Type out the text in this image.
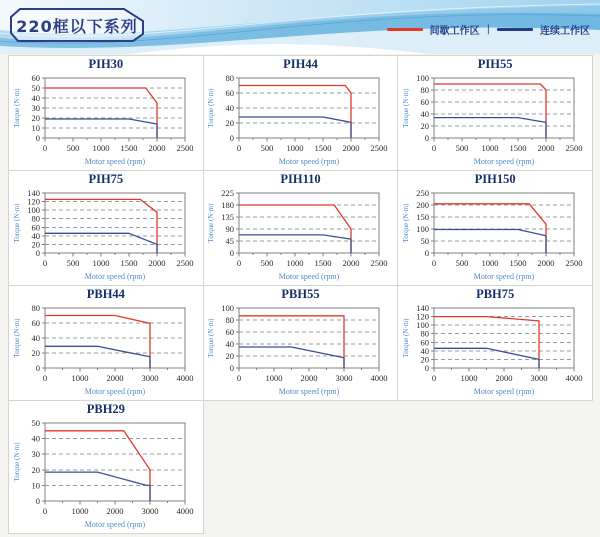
220框以下系列	间歇工作区 |	连续工作区
PIH30
0
10
20
30
40
50
60
0 500 1000 1500 2000 2500
Motor speed (rpm)
Torque (N·m)
PIH44
0
20
40
60
80
0 500 1000 1500 2000 2500
Motor speed (rpm)
Torque (N·m)
PIH55
0
20
40
60
80
100
0 500 1000 1500 2000 2500
Motor speed (rpm)
Torque (N·m)
PIH75
0
20
40
60
80
100
120
140
0 500 1000 1500 2000 2500
Motor speed (rpm)
Torque (N·m)
PIH110
0
45
90
135
180
225
0 500 1000 1500 2000 2500
Motor speed (rpm)
Torque (N·m)
PIH150
0
50
100
150
200
250
0 500 1000 1500 2000 2500
Motor speed (rpm)
Torque (N·m)
PBH44
0
20
40
60
80
0	1000 2000 3000 4000
Motor speed (rpm)
Torque (N·m)
PBH55
0
20
40
60
80
100
0	1000 2000 3000 4000
Motor speed (rpm)
Torque (N·m)
PBH75
0
20
40
60
80
100
120
140
0	1000 2000 3000 4000
Motor speed (rpm)
Torque (N·m)
PBH29
0
10
20
30
40
50
0	1000 2000 3000 4000
Motor speed (rpm)
Torque (N·m)
